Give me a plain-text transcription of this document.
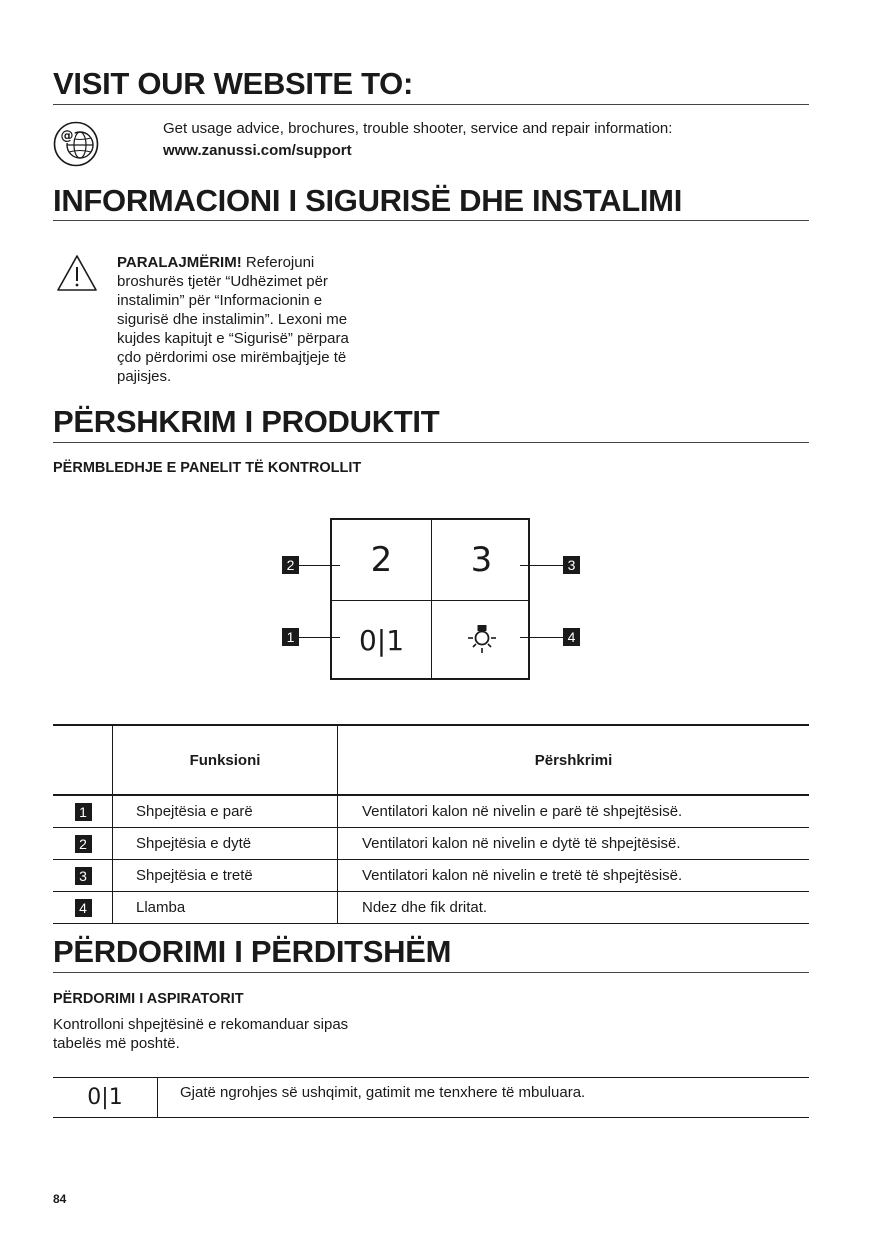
VISIT OUR WEBSITE TO:
@	Get usage advice, brochures, trouble shooter, service and repair information:
www.zanussi.com/support
INFORMACIONI I SIGURISË DHE INSTALIMI
PARALAJMËRIM! Referojuni
broshurës tjetër “Udhëzimet për
instalimin” për “Informacionin e
sigurisë dhe instalimin”. Lexoni me
kujdes kapitujt e “Sigurisë” përpara
çdo përdorimi ose mirëmbajtjeje të
pajisjes.
PËRSHKRIM I PRODUKTIT
PËRMBLEDHJE E PANELIT TË KONTROLLIT
2	3
0|1
2	3
1	4
Funksioni	Përshkrimi
1	Shpejtësia e parë	Ventilatori kalon në nivelin e parë të shpejtësisë.
2	Shpejtësia e dytë	Ventilatori kalon në nivelin e dytë të shpejtësisë.
3	Shpejtësia e tretë	Ventilatori kalon në nivelin e tretë të shpejtësisë.
4	Llamba	Ndez dhe fik dritat.
PËRDORIMI I PËRDITSHËM
PËRDORIMI I ASPIRATORIT
Kontrolloni shpejtësinë e rekomanduar sipas
tabelës më poshtë.
0|1	Gjatë ngrohjes së ushqimit, gatimit me tenxhere të mbuluara.
84
